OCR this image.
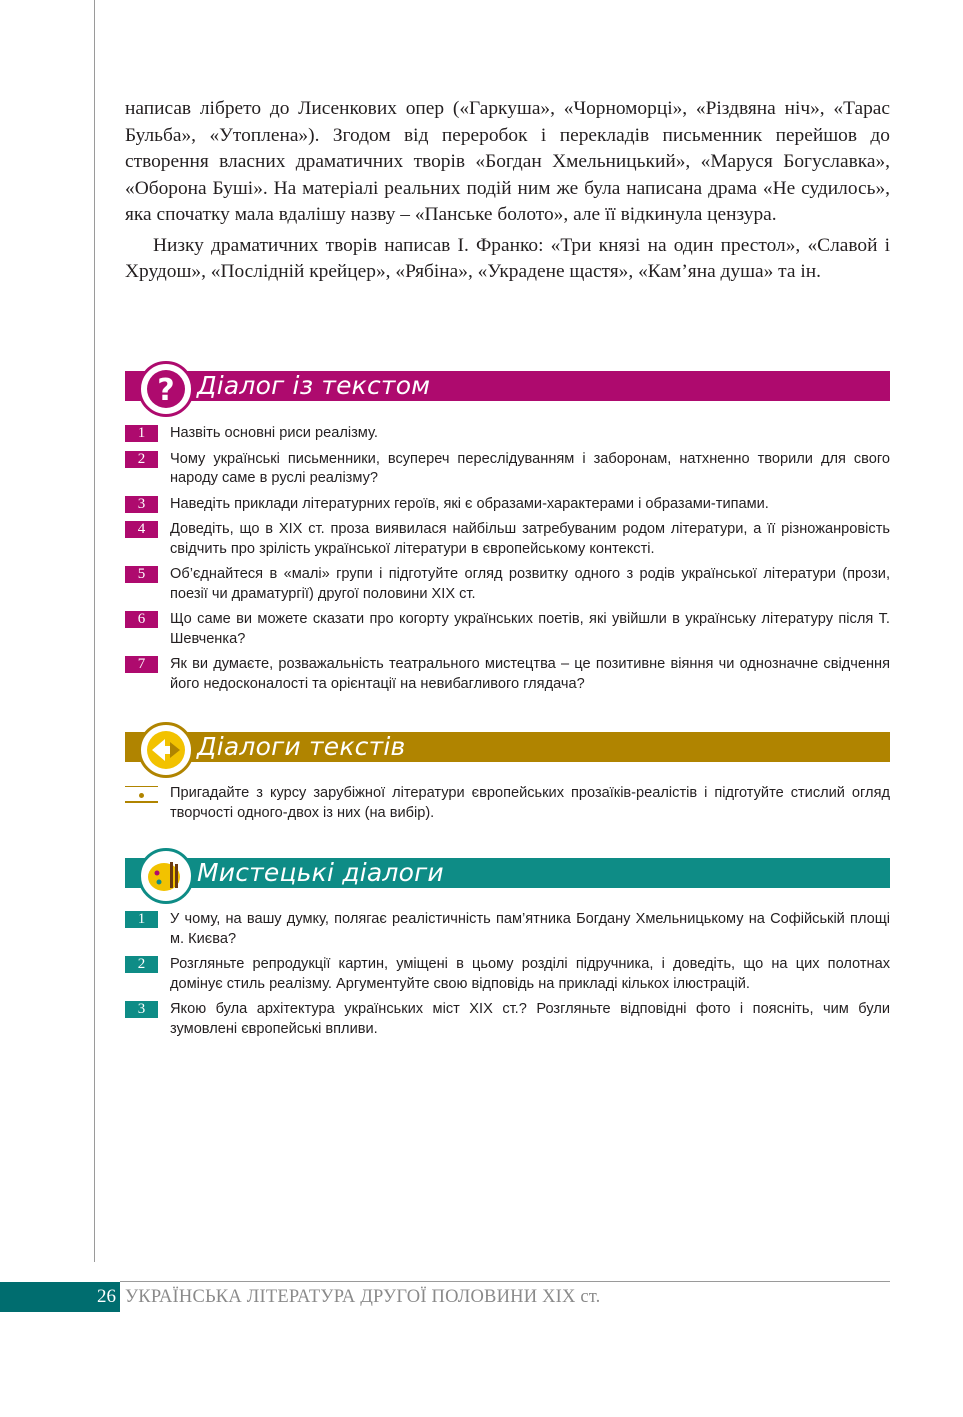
написав лібрето до Лисенкових опер («Гаркуша», «Чорноморці», «Різдвяна ніч», «Тарас Бульба», «Утоплена»). Згодом від переробок і перекладів письменник перейшов до створення власних драматичних творів «Богдан Хмельницький», «Маруся Богуславка», «Оборона Буші». На матеріалі реальних подій ним же була написана драма «Не судилось», яка спочатку мала вдалішу назву – «Панське болото», але її відкинула цензура.

Низку драматичних творів написав І. Франко: «Три князі на один престол», «Славой і Хрудош», «Послідній крейцер», «Рябіна», «Украдене щастя», «Кам’яна душа» та ін.

Діалог із текстом
?
1	Назвіть основні риси реалізму.
2	Чому українські письменники, всупереч переслідуванням і заборонам, натхненно творили для свого народу саме в руслі реалізму?
3	Наведіть приклади літературних героїв, які є образами-характерами і образами-типами.
4	Доведіть, що в ХІХ ст. проза виявилася найбільш затребуваним родом літератури, а її різножанровість свідчить про зрілість української літератури в європейському контексті.
5	Об’єднайтеся в «малі» групи і підготуйте огляд розвитку одного з родів української літератури (прози, поезії чи драматургії) другої половини ХІХ ст.
6	Що саме ви можете сказати про когорту українських поетів, які увійшли в українську літературу після Т. Шевченка?
7	Як ви думаєте, розважальність театрального мистецтва – це позитивне віяння чи однозначне свідчення його недосконалості та орієнтації на невибагливого глядача?
Діалоги текстів
Пригадайте з курсу зарубіжної літератури європейських прозаїків-реалістів і підготуйте стислий огляд творчості одного-двох із них (на вибір).
Мистецькі діалоги
1	У чому, на вашу думку, полягає реалістичність пам’ятника Богдану Хмельницькому на Софійській площі м. Києва?
2	Розгляньте репродукції картин, уміщені в цьому розділі підручника, і доведіть, що на цих полотнах домінує стиль реалізму. Аргументуйте свою відповідь на прикладі кількох ілюстрацій.
3	Якою була архітектура українських міст ХІХ ст.? Розгляньте відповідні фото і поясніть, чим були зумовлені європейські впливи.
26 УКРАЇНСЬКА ЛІТЕРАТУРА ДРУГОЇ ПОЛОВИНИ ХІХ ст.
